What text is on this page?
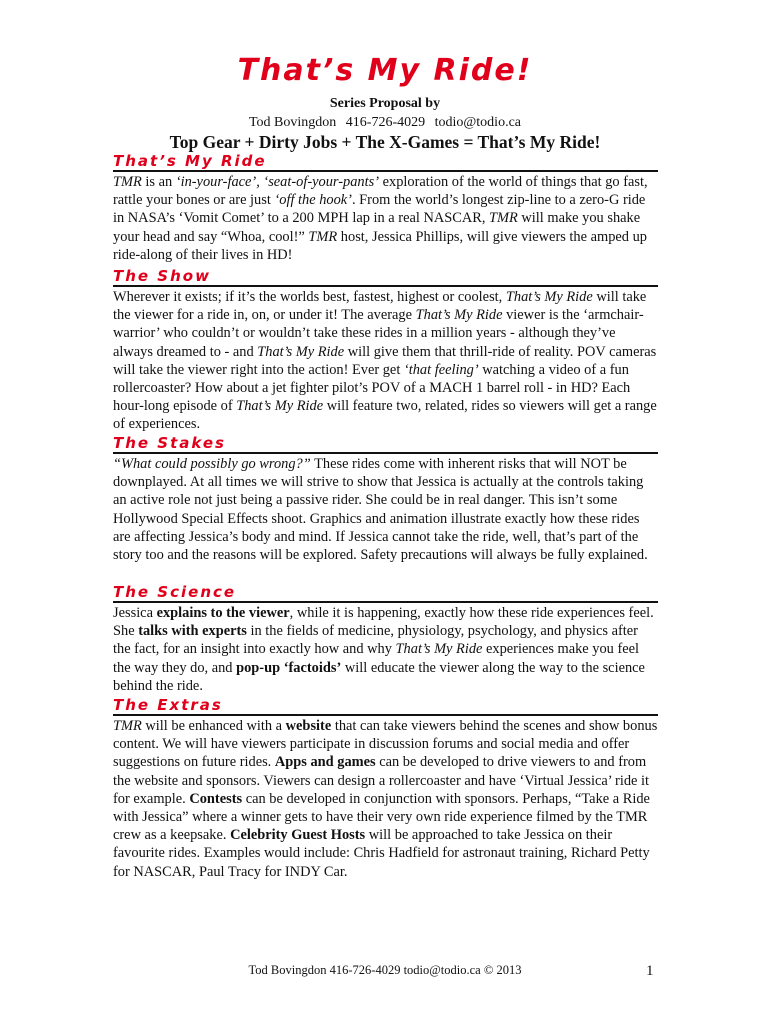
That’s My Ride!
Series Proposal by
Tod Bovingdon 416-726-4029 todio@todio.ca
Top Gear + Dirty Jobs + The X-Games = That’s My Ride!
That’s My Ride
TMR is an ‘in-your-face’, ‘seat-of-your-pants’ exploration of the world of things that go fast, rattle your bones or are just ‘off the hook’. From the world’s longest zip-line to a zero-G ride in NASA’s ‘Vomit Comet’ to a 200 MPH lap in a real NASCAR, TMR will make you shake your head and say “Whoa, cool!” TMR host, Jessica Phillips, will give viewers the amped up ride-along of their lives in HD!
The Show
Wherever it exists; if it’s the worlds best, fastest, highest or coolest, That’s My Ride will take the viewer for a ride in, on, or under it! The average That’s My Ride viewer is the ‘armchair-warrior’ who couldn’t or wouldn’t take these rides in a million years - although they’ve always dreamed to - and That’s My Ride will give them that thrill-ride of reality. POV cameras will take the viewer right into the action! Ever get ‘that feeling’ watching a video of a fun rollercoaster? How about a jet fighter pilot’s POV of a MACH 1 barrel roll - in HD? Each hour-long episode of That’s My Ride will feature two, related, rides so viewers will get a range of experiences.
The Stakes
“What could possibly go wrong?” These rides come with inherent risks that will NOT be downplayed. At all times we will strive to show that Jessica is actually at the controls taking an active role not just being a passive rider. She could be in real danger. This isn’t some Hollywood Special Effects shoot. Graphics and animation illustrate exactly how these rides are affecting Jessica’s body and mind. If Jessica cannot take the ride, well, that’s part of the story too and the reasons will be explored. Safety precautions will always be fully explained.
The Science
Jessica explains to the viewer, while it is happening, exactly how these ride experiences feel. She talks with experts in the fields of medicine, physiology, psychology, and physics after the fact, for an insight into exactly how and why That’s My Ride experiences make you feel the way they do, and pop-up ‘factoids’ will educate the viewer along the way to the science behind the ride.
The Extras
TMR will be enhanced with a website that can take viewers behind the scenes and show bonus content. We will have viewers participate in discussion forums and social media and offer suggestions on future rides. Apps and games can be developed to drive viewers to and from the website and sponsors. Viewers can design a rollercoaster and have ‘Virtual Jessica’ ride it for example. Contests can be developed in conjunction with sponsors. Perhaps, “Take a Ride with Jessica” where a winner gets to have their very own ride experience filmed by the TMR crew as a keepsake. Celebrity Guest Hosts will be approached to take Jessica on their favourite rides. Examples would include: Chris Hadfield for astronaut training, Richard Petty for NASCAR, Paul Tracy for INDY Car.
Tod Bovingdon 416-726-4029 todio@todio.ca © 2013	1
